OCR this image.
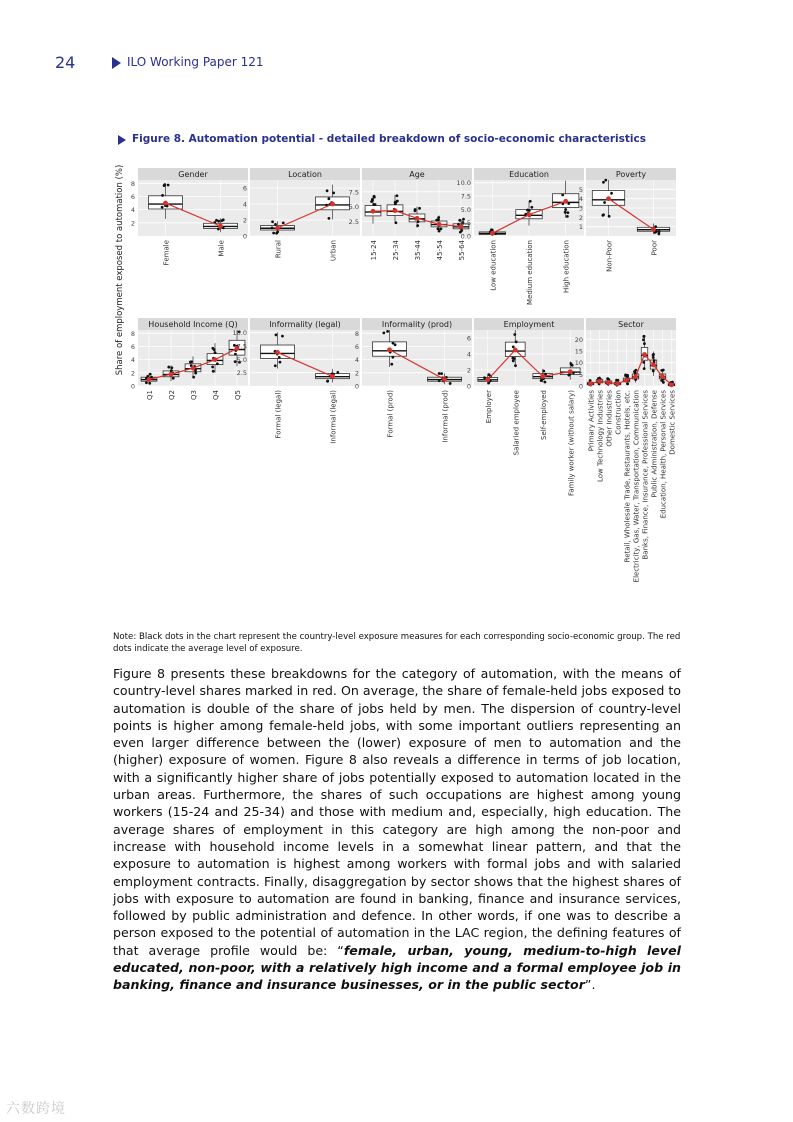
24	ILO Working Paper 121
Figure 8. Automation potential - detailed breakdown of socio-economic characteristics
Share of employment exposed to automation (%)	Gender
2
4
6
8
Female	Male
Location
0
2
4
6
Rural	Urban
Age
2.5
5.0
7.5
15-24 25-34 35-44 45-54 55-64
Education
0.0
2.5
5.0
7.5
10.0
Low education	Medium education	High education
Poverty
1
2
3
4
5
Non-Poor	Poor
Household Income (Q)
0
2
4
6
8
Q1 Q2 Q3 Q4 Q5
Informality (legal)
2.5
5.0
7.5
10.0
Formal (legal)	Informal (legal)
Informality (prod)
0
2
4
6
8
Formal (prod)	Informal (prod)
Employment
0
2
4
6
Employer	Salaried employee	Self-employed	Family worker (without salary)
Sector
0
5
10
15
20
Primary Activities Low Technology Industries Other Industries Construction Retail, Wholesale Trade, Restaurants, Hotels, etc. Electricity, Gas, Water, Transportation, Communication Banks, Finance, Insurance, Professional Services Public Administration, Defense Education, Health, Personal Services Domestic Services
Note: Black dots in the chart represent the country-level exposure measures for each corresponding socio-economic group. The red dots indicate the average level of exposure.
Figure 8 presents these breakdowns for the category of automation, with the means of country-level shares marked in red. On average, the share of female-held jobs exposed to automation is double of the share of jobs held by men. The dispersion of country-level points is higher among female-held jobs, with some important outliers representing an even larger difference between the (lower) exposure of men to automation and the (higher) exposure of women. Figure 8 also reveals a difference in terms of job location, with a significantly higher share of jobs potentially exposed to automation located in the urban areas. Furthermore, the shares of such occupations are highest among young workers (15-24 and 25-34) and those with medium and, especially, high education. The average shares of employment in this category are high among the non-poor and increase with household income levels in a somewhat linear pattern, and that the exposure to automation is highest among workers with formal jobs and with salaried employment contracts. Finally, disaggregation by sector shows that the highest shares of jobs with exposure to automation are found in banking, finance and insurance services, followed by public administration and defence. In other words, if one was to describe a person exposed to the potential of automation in the LAC region, the defining features of that average profile would be: “female, urban, young, medium-to-high level educated, non-poor, with a relatively high income and a formal employee job in banking, finance and insurance businesses, or in the public sector”.
六数跨境
